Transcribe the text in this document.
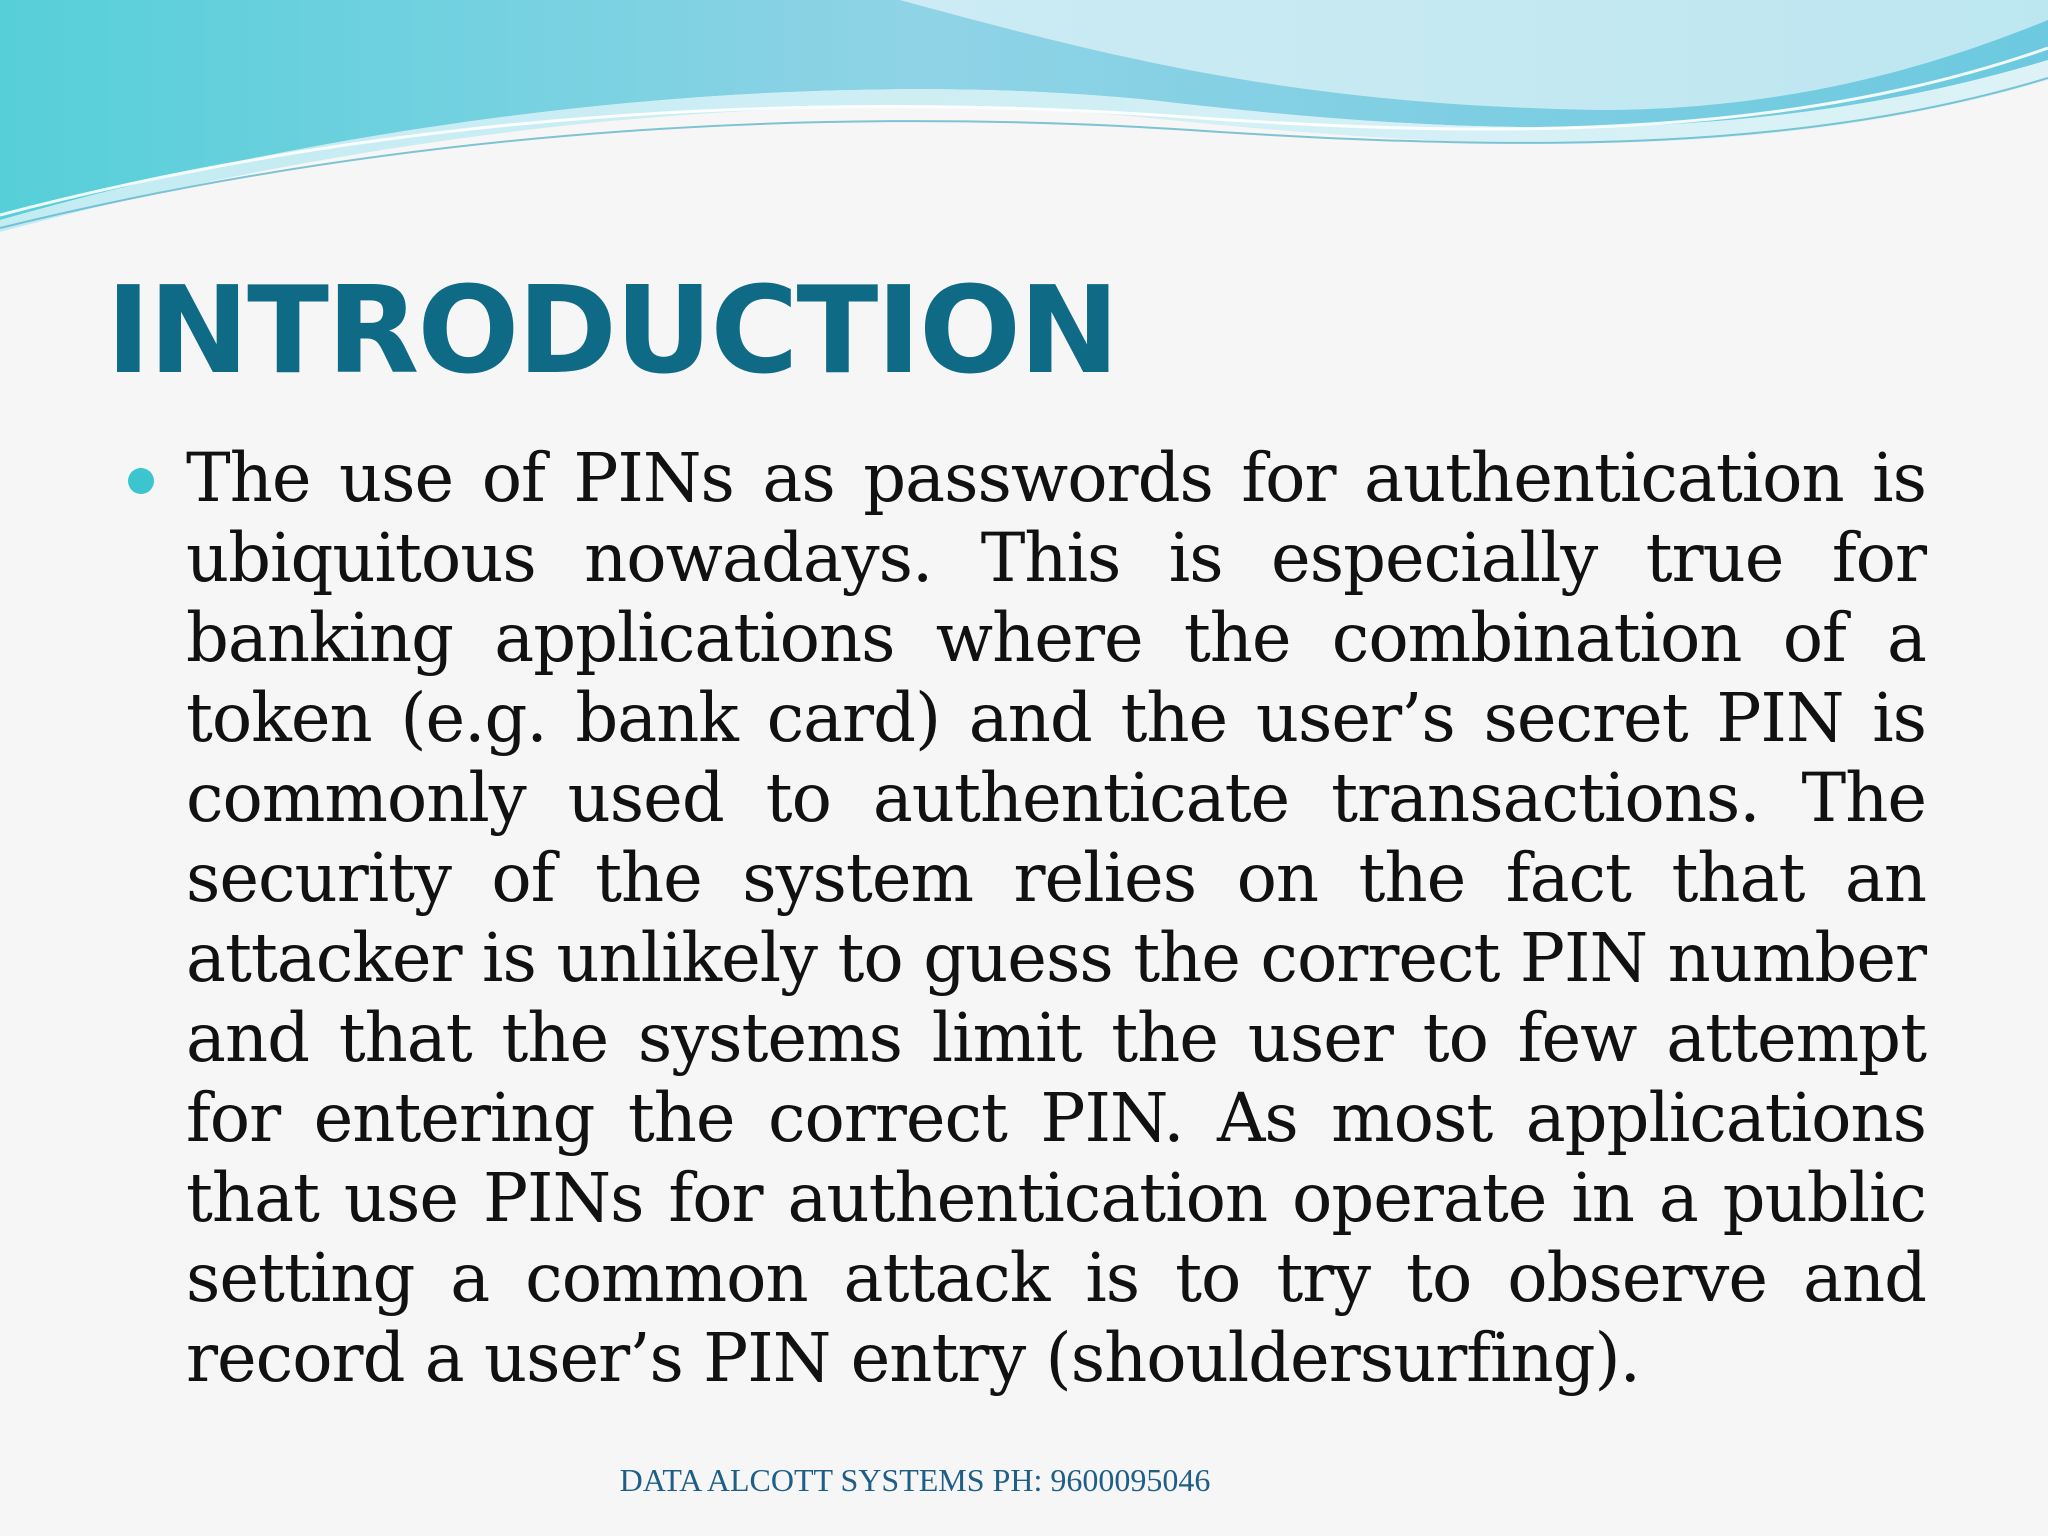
INTRODUCTION
The use of PINs as passwords for authentication is ubiquitous nowadays. This is especially true for banking applications where the combination of a token (e.g. bank card) and the user’s secret PIN is commonly used to authenticate transactions. The security of the system relies on the fact that an attacker is unlikely to guess the correct PIN number and that the systems limit the user to few attempt for entering the correct PIN. As most applications that use PINs for authentication operate in a public setting a common attack is to try to observe and record a user’s PIN entry (shouldersurfing).
DATA ALCOTT SYSTEMS PH: 9600095046
